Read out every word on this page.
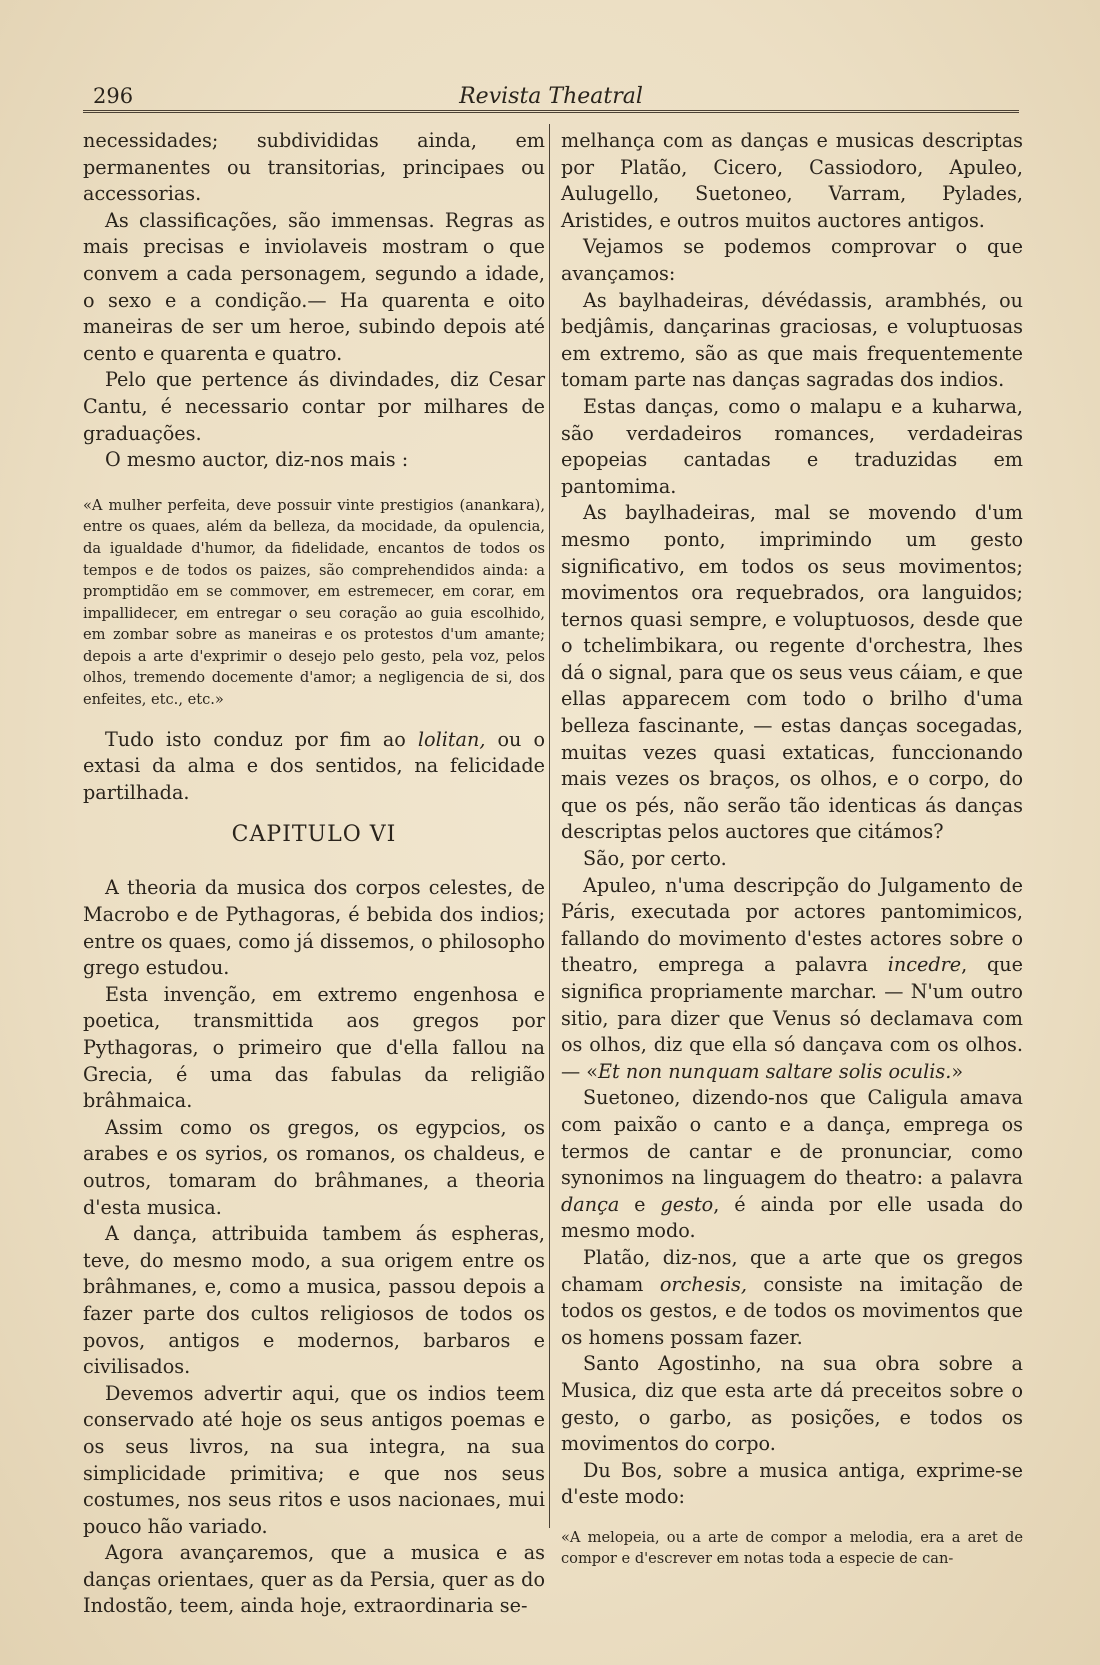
296	Revista Theatral

necessidades; subdivididas ainda, em permanentes ou transitorias, principaes ou accessorias.

As classificações, são immensas. Regras as mais precisas e inviolaveis mostram o que convem a cada personagem, segundo a idade, o sexo e a condição.— Ha quarenta e oito maneiras de ser um heroe, subindo depois até cento e quarenta e quatro.

Pelo que pertence ás divindades, diz Cesar Cantu, é necessario contar por milhares de graduações.

O mesmo auctor, diz-nos mais :

«A mulher perfeita, deve possuir vinte prestigios (anankara), entre os quaes, além da belleza, da mocidade, da opulencia, da igualdade d'humor, da fidelidade, encantos de todos os tempos e de todos os paizes, são comprehendidos ainda: a promptidão em se commover, em estremecer, em corar, em impallidecer, em entregar o seu coração ao guia escolhido, em zombar sobre as maneiras e os protestos d'um amante; depois a arte d'exprimir o desejo pelo gesto, pela voz, pelos olhos, tremendo docemente d'amor; a negligencia de si, dos enfeites, etc., etc.»

Tudo isto conduz por fim ao lolitan, ou o extasi da alma e dos sentidos, na felicidade partilhada.

CAPITULO VI

A theoria da musica dos corpos celestes, de Macrobo e de Pythagoras, é bebida dos indios; entre os quaes, como já dissemos, o philosopho grego estudou.

Esta invenção, em extremo engenhosa e poetica, transmittida aos gregos por Pythagoras, o primeiro que d'ella fallou na Grecia, é uma das fabulas da religião brâhmaica.

Assim como os gregos, os egypcios, os arabes e os syrios, os romanos, os chaldeus, e outros, tomaram do brâhmanes, a theoria d'esta musica.

A dança, attribuida tambem ás espheras, teve, do mesmo modo, a sua origem entre os brâhmanes, e, como a musica, passou depois a fazer parte dos cultos religiosos de todos os povos, antigos e modernos, barbaros e civilisados.

Devemos advertir aqui, que os indios teem conservado até hoje os seus antigos poemas e os seus livros, na sua integra, na sua simplicidade primitiva; e que nos seus costumes, nos seus ritos e usos nacionaes, mui pouco hão variado.

Agora avançaremos, que a musica e as danças orientaes, quer as da Persia, quer as do Indostão, teem, ainda hoje, extraordinaria se-

melhança com as danças e musicas descriptas por Platão, Cicero, Cassiodoro, Apuleo, Aulugello, Suetoneo, Varram, Pylades, Aristides, e outros muitos auctores antigos.

Vejamos se podemos comprovar o que avançamos:

As baylhadeiras, dévédassis, arambhés, ou bedjâmis, dançarinas graciosas, e voluptuosas em extremo, são as que mais frequentemente tomam parte nas danças sagradas dos indios.

Estas danças, como o malapu e a kuharwa, são verdadeiros romances, verdadeiras epopeias cantadas e traduzidas em pantomima.

As baylhadeiras, mal se movendo d'um mesmo ponto, imprimindo um gesto significativo, em todos os seus movimentos; movimentos ora requebrados, ora languidos; ternos quasi sempre, e voluptuosos, desde que o tchelimbikara, ou regente d'orchestra, lhes dá o signal, para que os seus veus cáiam, e que ellas apparecem com todo o brilho d'uma belleza fascinante, — estas danças socegadas, muitas vezes quasi extaticas, funccionando mais vezes os braços, os olhos, e o corpo, do que os pés, não serão tão identicas ás danças descriptas pelos auctores que citámos?

São, por certo.

Apuleo, n'uma descripção do Julgamento de Páris, executada por actores pantomimicos, fallando do movimento d'estes actores sobre o theatro, emprega a palavra incedre, que significa propriamente marchar. — N'um outro sitio, para dizer que Venus só declamava com os olhos, diz que ella só dançava com os olhos. — «Et non nunquam saltare solis oculis.»

Suetoneo, dizendo-nos que Caligula amava com paixão o canto e a dança, emprega os termos de cantar e de pronunciar, como synonimos na linguagem do theatro: a palavra dança e gesto, é ainda por elle usada do mesmo modo.

Platão, diz-nos, que a arte que os gregos chamam orchesis, consiste na imitação de todos os gestos, e de todos os movimentos que os homens possam fazer.

Santo Agostinho, na sua obra sobre a Musica, diz que esta arte dá preceitos sobre o gesto, o garbo, as posições, e todos os movimentos do corpo.

Du Bos, sobre a musica antiga, exprime-se d'este modo:

«A melopeia, ou a arte de compor a melodia, era a aret de compor e d'escrever em notas toda a especie de can-
